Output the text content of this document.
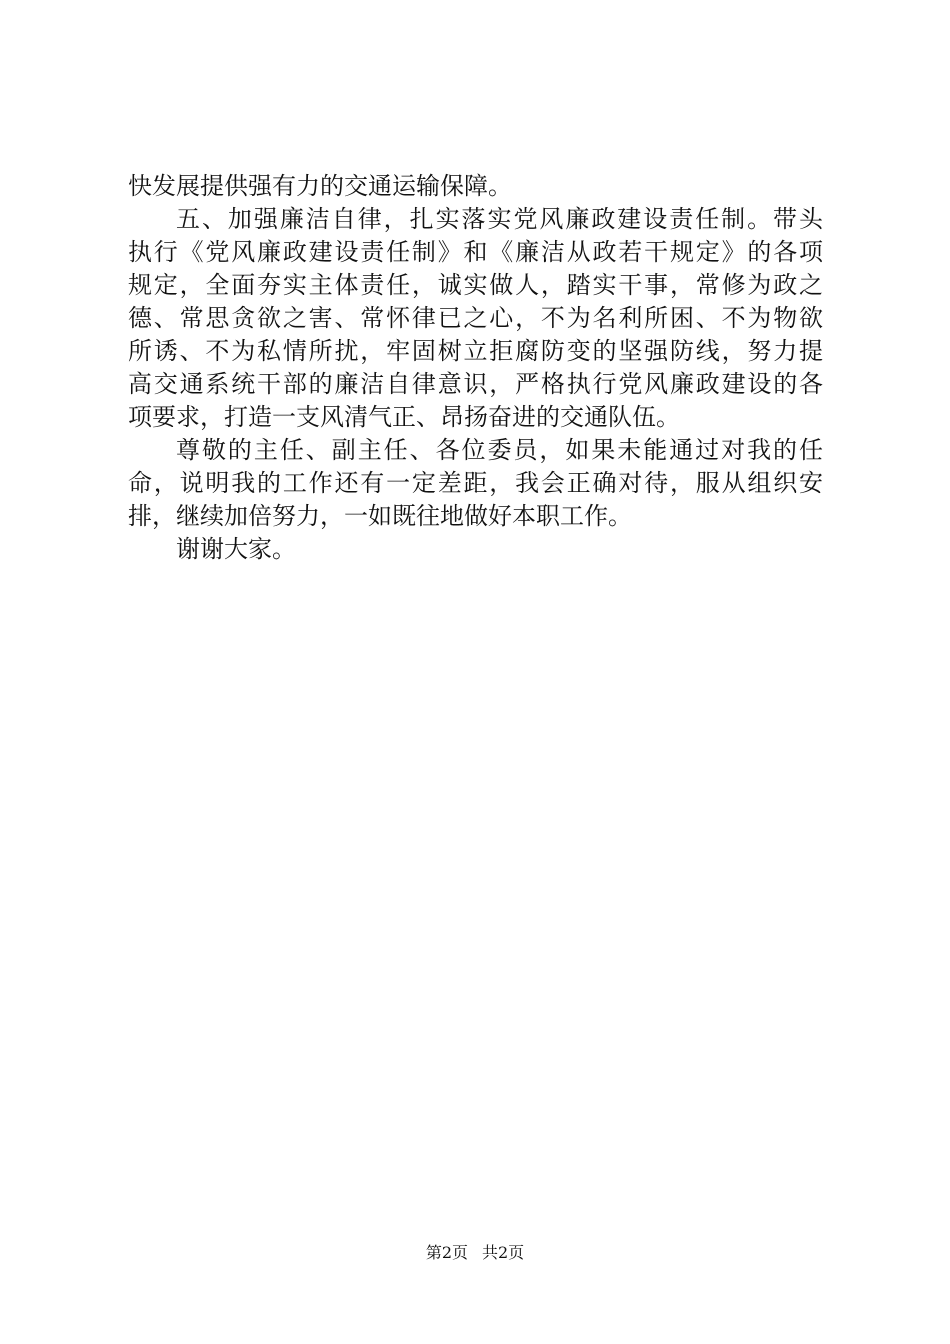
快发展提供强有力的交通运输保障。
五、加强廉洁自律，扎实落实党风廉政建设责任制。带头
执行《党风廉政建设责任制》和《廉洁从政若干规定》的各项
规定，全面夯实主体责任，诚实做人，踏实干事，常修为政之
德、常思贪欲之害、常怀律已之心，不为名利所困、不为物欲
所诱、不为私情所扰，牢固树立拒腐防变的坚强防线，努力提
高交通系统干部的廉洁自律意识，严格执行党风廉政建设的各
项要求，打造一支风清气正、昂扬奋进的交通队伍。
尊敬的主任、副主任、各位委员，如果未能通过对我的任
命，说明我的工作还有一定差距，我会正确对待，服从组织安
排，继续加倍努力，一如既往地做好本职工作。
谢谢大家。
第2页 共2页
